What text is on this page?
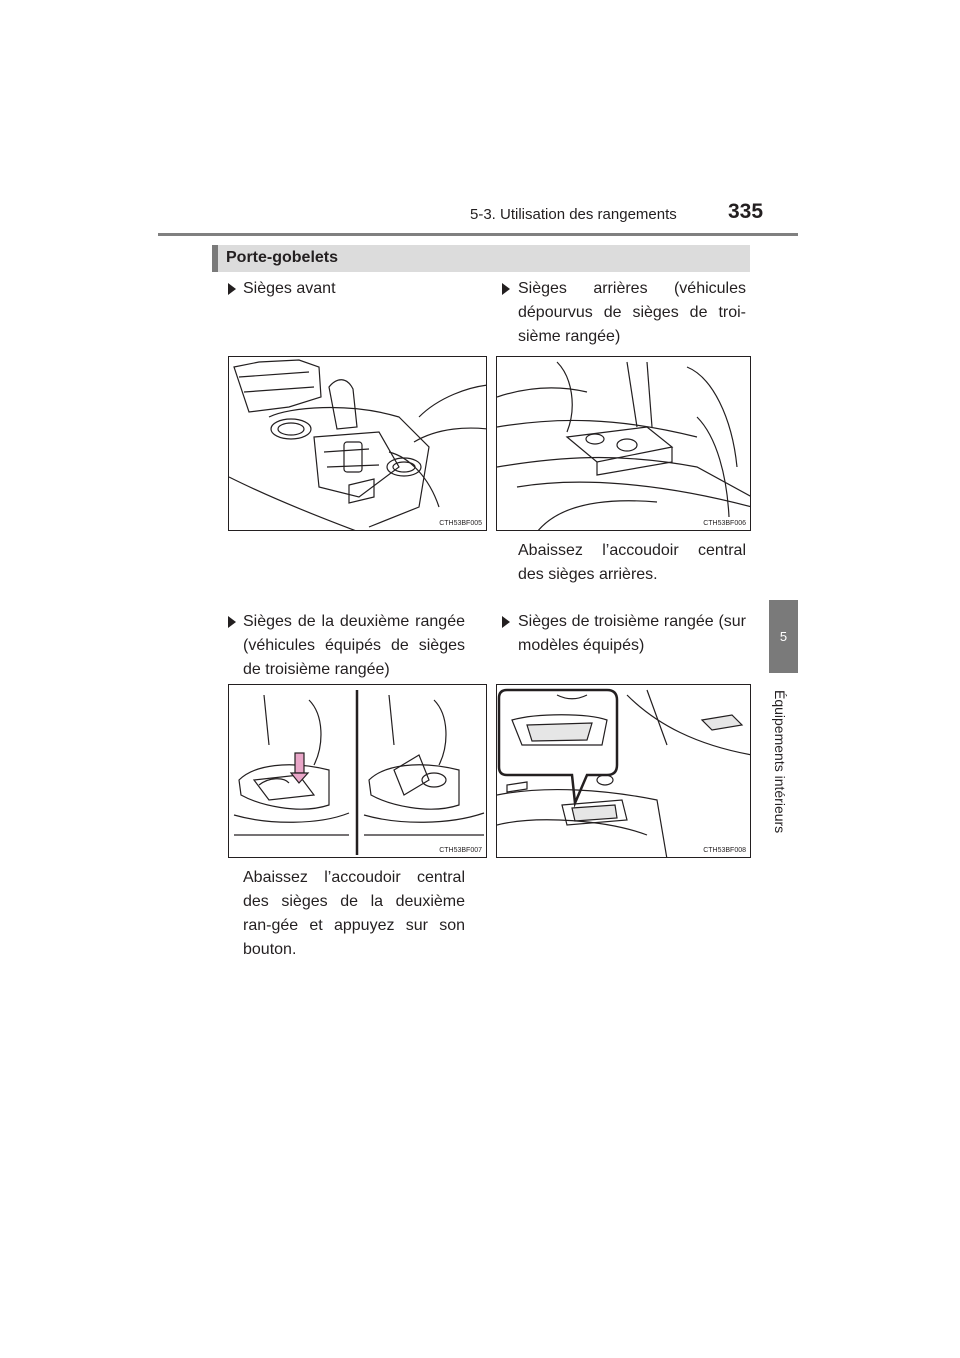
5-3. Utilisation des rangements 335
5
Équipements intérieurs
Porte-gobelets
Sièges avant	Sièges arrières (véhicules dépourvus de sièges de troi-sième rangée)
CTH53BF005	CTH53BF006
Abaissez l’accoudoir central des sièges arrières.
Sièges de la deuxième rangée (véhicules équipés de sièges de troisième rangée)
Sièges de troisième rangée (sur modèles équipés)
CTH53BF007	CTH53BF008
Abaissez l’accoudoir central des sièges de la deuxième ran-gée et appuyez sur son bouton.
